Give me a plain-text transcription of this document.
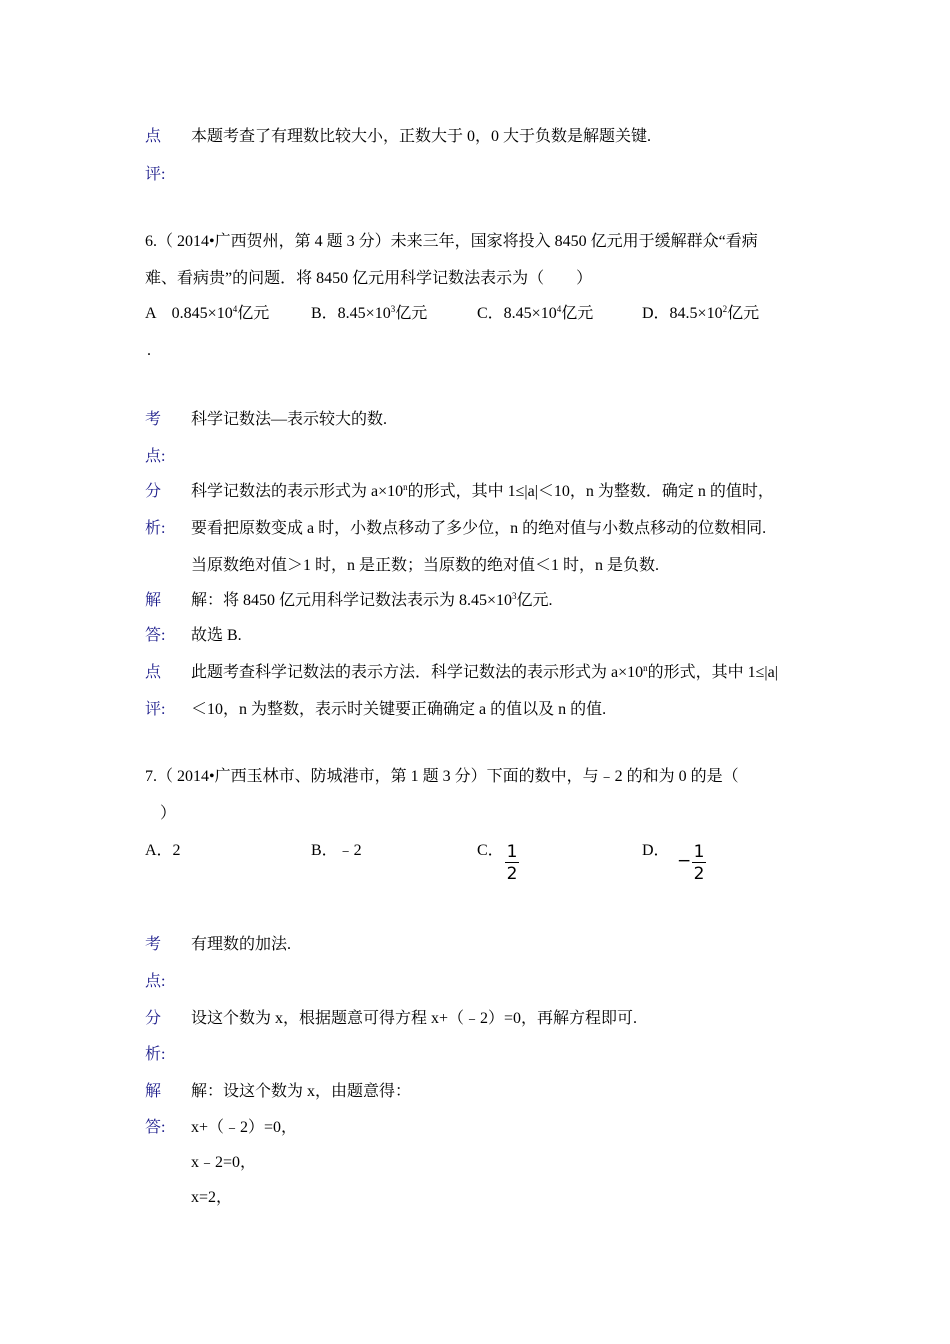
点 本题考查了有理数比较大小，正数大于 0，0 大于负数是解题关键.
评:
6.（ 2014•广西贺州，第 4 题 3 分）未来三年，国家将投入 8450 亿元用于缓解群众“看病
难、看病贵”的问题．将 8450 亿元用科学记数法表示为（　　）
A　$0.845\times 10^4$亿元	B．$8.45\times 10^3$亿元	C．$8.45\times 10^4$亿元	D．$84.5\times 10^2$亿元
.
考 科学记数法—表示较大的数.
点:
分 科学记数法的表示形式为 $a\times 10^n$的形式，其中 1≤|a|＜10，n 为整数．确定 n 的值时，
析: 要看把原数变成 a 时，小数点移动了多少位，n 的绝对值与小数点移动的位数相同.
当原数绝对值＞1 时，n 是正数；当原数的绝对值＜1 时，n 是负数.
解 解：将 8450 亿元用科学记数法表示为 $8.45\times 10^3$亿元.
答: 故选 B.
点 此题考查科学记数法的表示方法．科学记数法的表示形式为 $a\times 10^n$的形式，其中 1≤|a|
评: ＜10，n 为整数，表示时关键要正确确定 a 的值以及 n 的值.
7.（ 2014•广西玉林市、防城港市，第 1 题 3 分）下面的数中，与﹣2 的和为 0 的是（
）
A．2	B．﹣2	C． 1
2
D．
− 1
2
考 有理数的加法.
点:
分 设这个数为 x，根据题意可得方程 x+（﹣2）=0，再解方程即可.
析:
解 解：设这个数为 x，由题意得：
答: x+（﹣2）=0，
x﹣2=0，
x=2，
